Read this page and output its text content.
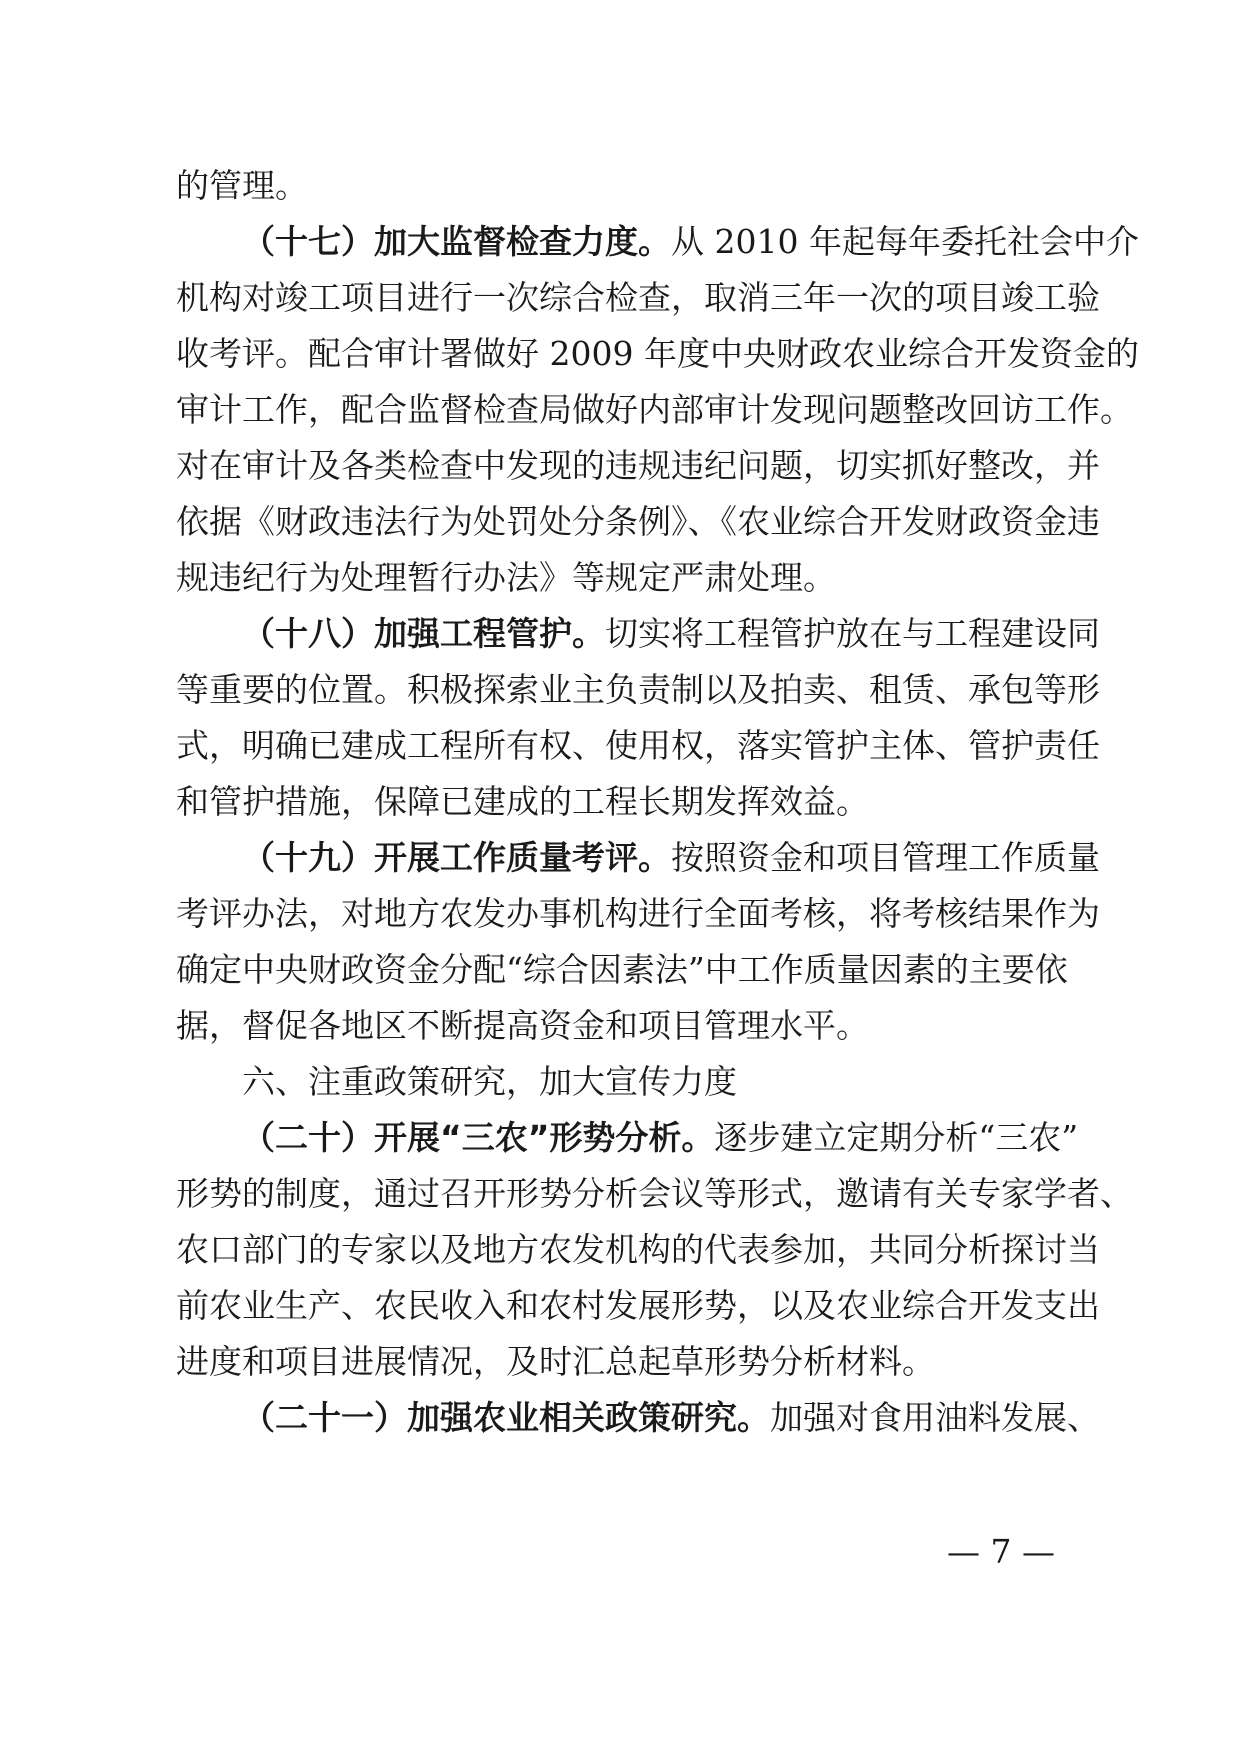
的管理。
（十七）加大监督检查力度。从 2010 年起每年委托社会中介
机构对竣工项目进行一次综合检查，取消三年一次的项目竣工验
收考评。配合审计署做好 2009 年度中央财政农业综合开发资金的
审计工作，配合监督检查局做好内部审计发现问题整改回访工作。
对在审计及各类检查中发现的违规违纪问题，切实抓好整改，并
依据《财政违法行为处罚处分条例》、《农业综合开发财政资金违
规违纪行为处理暂行办法》等规定严肃处理。
（十八）加强工程管护。切实将工程管护放在与工程建设同
等重要的位置。积极探索业主负责制以及拍卖、租赁、承包等形
式，明确已建成工程所有权、使用权，落实管护主体、管护责任
和管护措施，保障已建成的工程长期发挥效益。
（十九）开展工作质量考评。按照资金和项目管理工作质量
考评办法，对地方农发办事机构进行全面考核，将考核结果作为
确定中央财政资金分配“综合因素法”中工作质量因素的主要依
据，督促各地区不断提高资金和项目管理水平。
六、注重政策研究，加大宣传力度
（二十）开展“三农”形势分析。逐步建立定期分析“三农”
形势的制度，通过召开形势分析会议等形式，邀请有关专家学者、
农口部门的专家以及地方农发机构的代表参加，共同分析探讨当
前农业生产、农民收入和农村发展形势，以及农业综合开发支出
进度和项目进展情况，及时汇总起草形势分析材料。
（二十一）加强农业相关政策研究。加强对食用油料发展、
— 7 —
